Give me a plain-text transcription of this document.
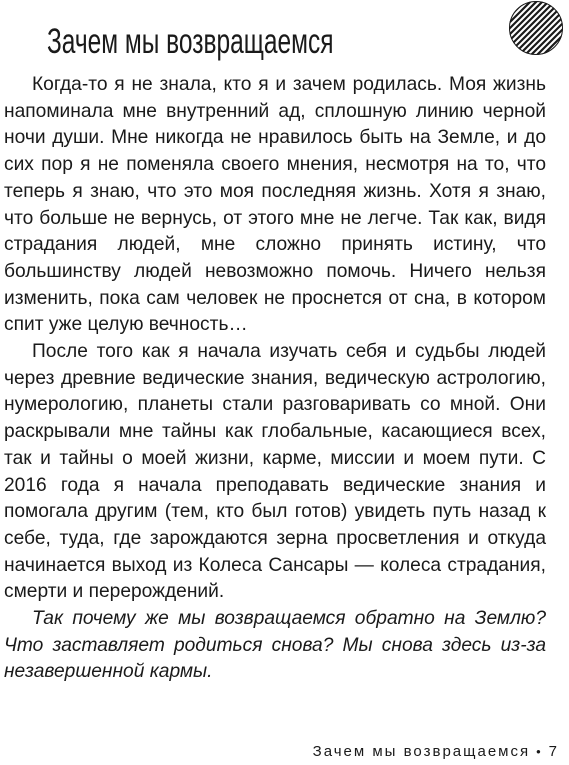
Зачем мы возвращаемся

Когда-то я не знала, кто я и зачем родилась. Моя жизнь напоминала мне внутренний ад, сплошную линию черной ночи души. Мне никогда не нравилось быть на Земле, и до сих пор я не поменяла своего мнения, несмотря на то, что теперь я знаю, что это моя последняя жизнь. Хотя я знаю, что больше не вернусь, от этого мне не легче. Так как, видя страдания людей, мне сложно принять истину, что большинству людей невозможно помочь. Ничего нельзя изменить, пока сам человек не проснется от сна, в котором спит уже целую вечность…

После того как я начала изучать себя и судьбы людей через древние ведические знания, ведическую астрологию, нумерологию, планеты стали разговаривать со мной. Они раскрывали мне тайны как глобальные, касающиеся всех, так и тайны о моей жизни, карме, миссии и моем пути. С 2016 года я начала преподавать ведические знания и помогала другим (тем, кто был готов) увидеть путь назад к себе, туда, где зарождаются зерна просветления и откуда начинается выход из Колеса Сансары — колеса страдания, смерти и перерождений.

Так почему же мы возвращаемся обратно на Землю? Что заставляет родиться снова? Мы снова здесь из-за незавершенной кармы.

Зачем мы возвращаемся • 7
